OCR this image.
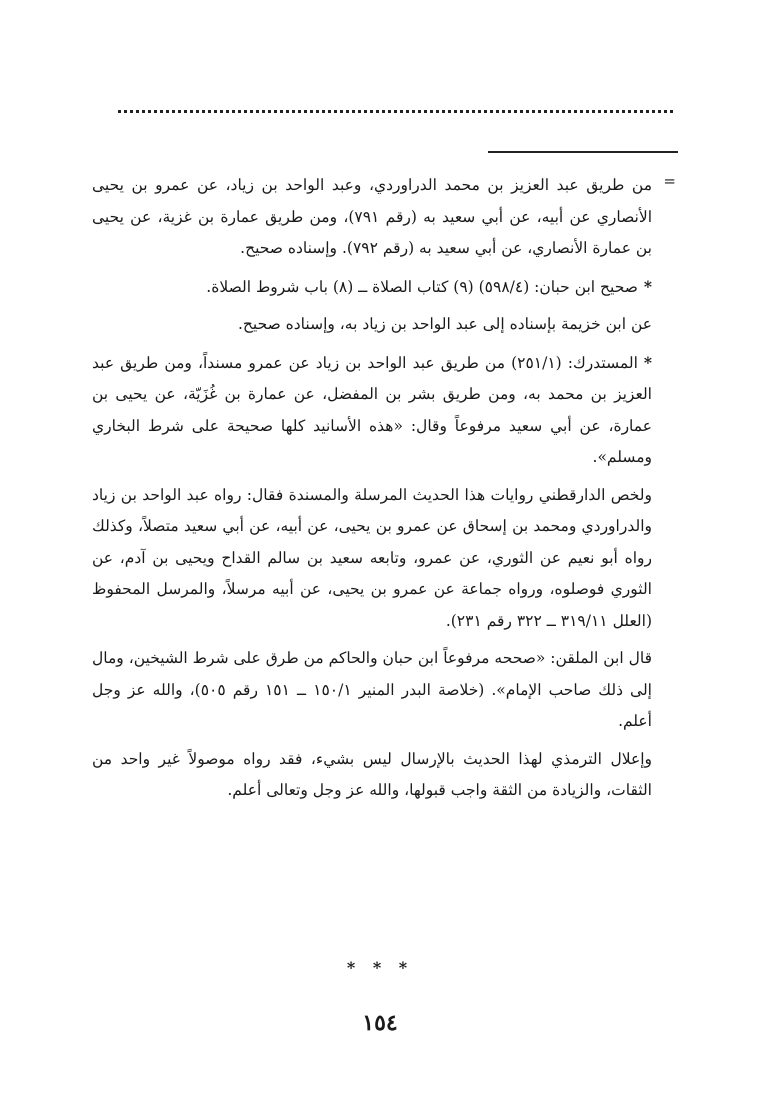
=

من طريق عبد العزيز بن محمد الدراوردي، وعبد الواحد بن زياد، عن عمرو بن يحيى الأنصاري عن أبيه، عن أبي سعيد به (رقم ٧٩١)، ومن طريق عمارة بن غزية، عن يحيى بن عمارة الأنصاري، عن أبي سعيد به (رقم ٧٩٢). وإسناده صحيح.

*صحيح ابن حبان: (٥٩٨/٤) (٩) كتاب الصلاة ــ (٨) باب شروط الصلاة.

عن ابن خزيمة بإسناده إلى عبد الواحد بن زياد به، وإسناده صحيح.

*المستدرك: (٢٥١/١) من طريق عبد الواحد بن زياد عن عمرو مسنداً، ومن طريق عبد العزيز بن محمد به، ومن طريق بشر بن المفضل، عن عمارة بن غُزَيّة، عن يحيى بن عمارة، عن أبي سعيد مرفوعاً وقال: «هذه الأسانيد كلها صحيحة على شرط البخاري ومسلم».

ولخص الدارقطني روايات هذا الحديث المرسلة والمسندة فقال: رواه عبد الواحد بن زياد والدراوردي ومحمد بن إسحاق عن عمرو بن يحيى، عن أبيه، عن أبي سعيد متصلاً، وكذلك رواه أبو نعيم عن الثوري، عن عمرو، وتابعه سعيد بن سالم القداح ويحيى بن آدم، عن الثوري فوصلوه، ورواه جماعة عن عمرو بن يحيى، عن أبيه مرسلاً، والمرسل المحفوظ (العلل ٣١٩/١١ ــ ٣٢٢ رقم ٢٣١).

قال ابن الملقن: «صححه مرفوعاً ابن حبان والحاكم من طرق على شرط الشيخين، ومال إلى ذلك صاحب الإمام». (خلاصة البدر المنير ١٥٠/١ ــ ١٥١ رقم ٥٠٥)، والله عز وجل أعلم.

وإعلال الترمذي لهذا الحديث بالإرسال ليس بشيء، فقد رواه موصولاً غير واحد من الثقات، والزيادة من الثقة واجب قبولها، والله عز وجل وتعالى أعلم.

* * *
١٥٤
